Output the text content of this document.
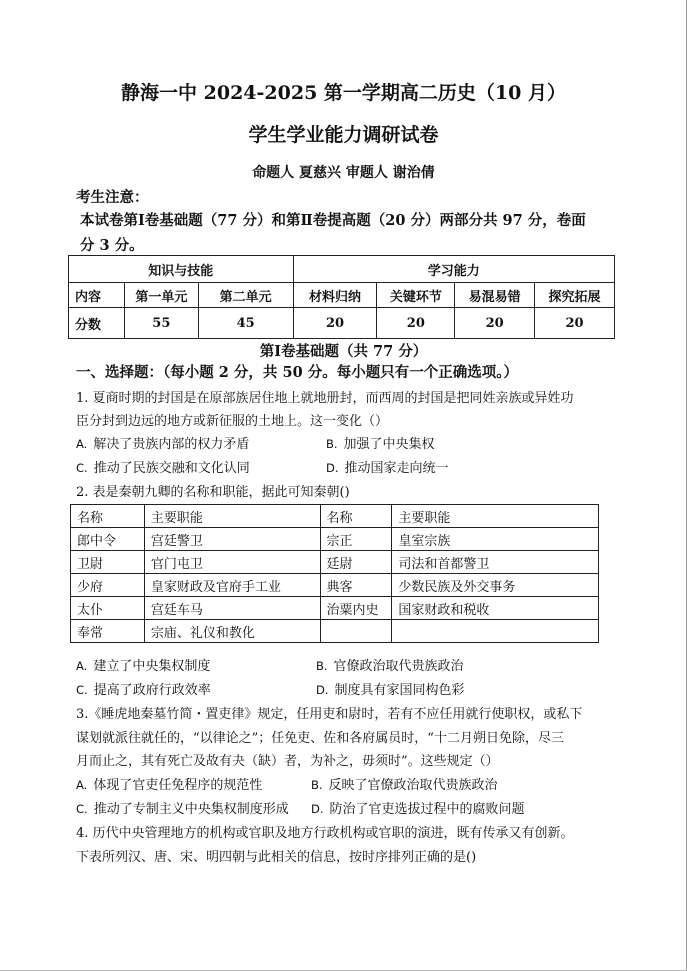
静海一中 2024-2025 第一学期高二历史（10 月）
学生学业能力调研试卷
命题人 夏慈兴 审题人 谢治倩
考生注意：
本试卷第Ⅰ卷基础题（77 分）和第Ⅱ卷提高题（20 分）两部分共 97 分，卷面
分 3 分。
知识与技能			学习能力			
内容	第一单元	第二单元	材料归纳	关键环节	易混易错	探究拓展
分数	55	45	20	20	20	20
第Ⅰ卷基础题（共 77 分）
一、选择题：（每小题 2 分，共 50 分。每小题只有一个正确选项。）
1. 夏商时期的封国是在原部族居住地上就地册封，而西周的封国是把同姓亲族或异姓功
臣分封到边远的地方或新征服的土地上。这一变化（）
A. 解决了贵族内部的权力矛盾	B. 加强了中央集权
C. 推动了民族交融和文化认同	D. 推动国家走向统一
2. 表是秦朝九卿的名称和职能，据此可知秦朝()
名称	主要职能	名称	主要职能
郎中令	宫廷警卫	宗正	皇室宗族
卫尉	官门屯卫	廷尉	司法和首都警卫
少府	皇家财政及官府手工业	典客	少数民族及外交事务
太仆	宫廷车马	治粟内史	国家财政和税收
奉常	宗庙、礼仪和教化		
A. 建立了中央集权制度	B. 官僚政治取代贵族政治
C. 提高了政府行政效率	D. 制度具有家国同构色彩
3.《睡虎地秦墓竹简・置吏律》规定，任用吏和尉时，若有不应任用就行使职权，或私下
谋划就派往就任的，“以律论之”；任免吏、佐和各府属员时，“十二月朔日免除，尽三
月而止之，其有死亡及故有夬（缺）者，为补之，毋须时”。这些规定（）
A. 体现了官吏任免程序的规范性	B. 反映了官僚政治取代贵族政治
C. 推动了专制主义中央集权制度形成 D. 防治了官吏选拔过程中的腐败问题
4. 历代中央管理地方的机构或官职及地方行政机构或官职的演进，既有传承又有创新。
下表所列汉、唐、宋、明四朝与此相关的信息，按时序排列正确的是()
